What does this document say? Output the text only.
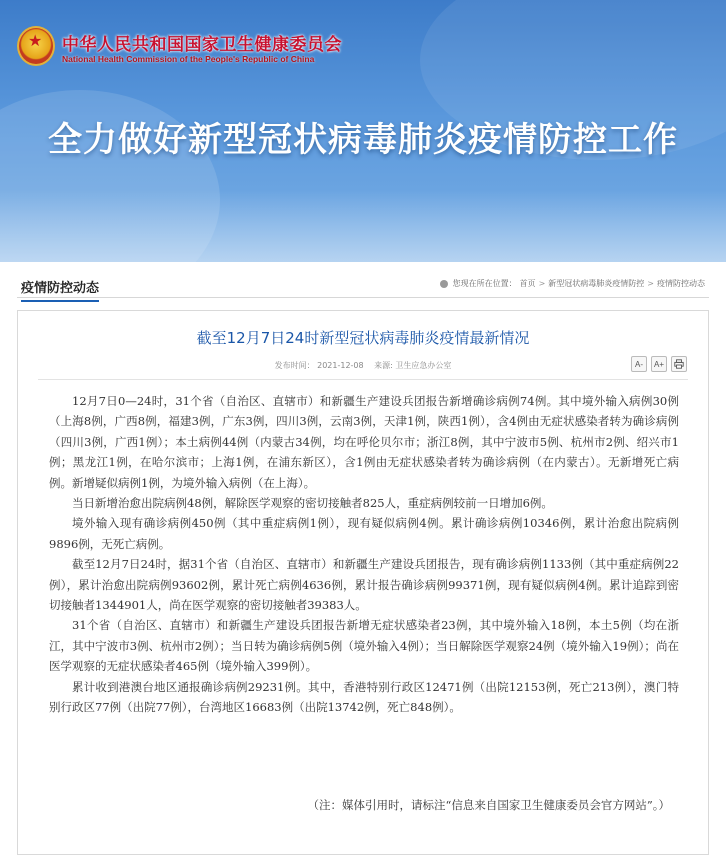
★ 中华人民共和国国家卫生健康委员会
National Health Commission of the People's Republic of China
全力做好新型冠状病毒肺炎疫情防控工作
疫情防控动态	您现在所在位置： 首页 > 新型冠状病毒肺炎疫情防控 > 疫情防控动态
截至12月7日24时新型冠状病毒肺炎疫情最新情况
发布时间： 2021-12-08 来源: 卫生应急办公室	A-	A+

12月7日0—24时，31个省（自治区、直辖市）和新疆生产建设兵团报告新增确诊病例74例。其中境外输入病例30例（上海8例，广西8例，福建3例，广东3例，四川3例，云南3例，天津1例，陕西1例），含4例由无症状感染者转为确诊病例（四川3例，广西1例）；本土病例44例（内蒙古34例，均在呼伦贝尔市；浙江8例，其中宁波市5例、杭州市2例、绍兴市1例；黑龙江1例，在哈尔滨市；上海1例，在浦东新区），含1例由无症状感染者转为确诊病例（在内蒙古）。无新增死亡病例。新增疑似病例1例，为境外输入病例（在上海）。

当日新增治愈出院病例48例，解除医学观察的密切接触者825人，重症病例较前一日增加6例。

境外输入现有确诊病例450例（其中重症病例1例），现有疑似病例4例。累计确诊病例10346例，累计治愈出院病例9896例，无死亡病例。

截至12月7日24时，据31个省（自治区、直辖市）和新疆生产建设兵团报告，现有确诊病例1133例（其中重症病例22例），累计治愈出院病例93602例，累计死亡病例4636例，累计报告确诊病例99371例，现有疑似病例4例。累计追踪到密切接触者1344901人，尚在医学观察的密切接触者39383人。

31个省（自治区、直辖市）和新疆生产建设兵团报告新增无症状感染者23例，其中境外输入18例，本土5例（均在浙江，其中宁波市3例、杭州市2例）；当日转为确诊病例5例（境外输入4例）；当日解除医学观察24例（境外输入19例）；尚在医学观察的无症状感染者465例（境外输入399例）。

累计收到港澳台地区通报确诊病例29231例。其中，香港特别行政区12471例（出院12153例，死亡213例），澳门特别行政区77例（出院77例），台湾地区16683例（出院13742例，死亡848例）。

（注：媒体引用时，请标注“信息来自国家卫生健康委员会官方网站”。）
